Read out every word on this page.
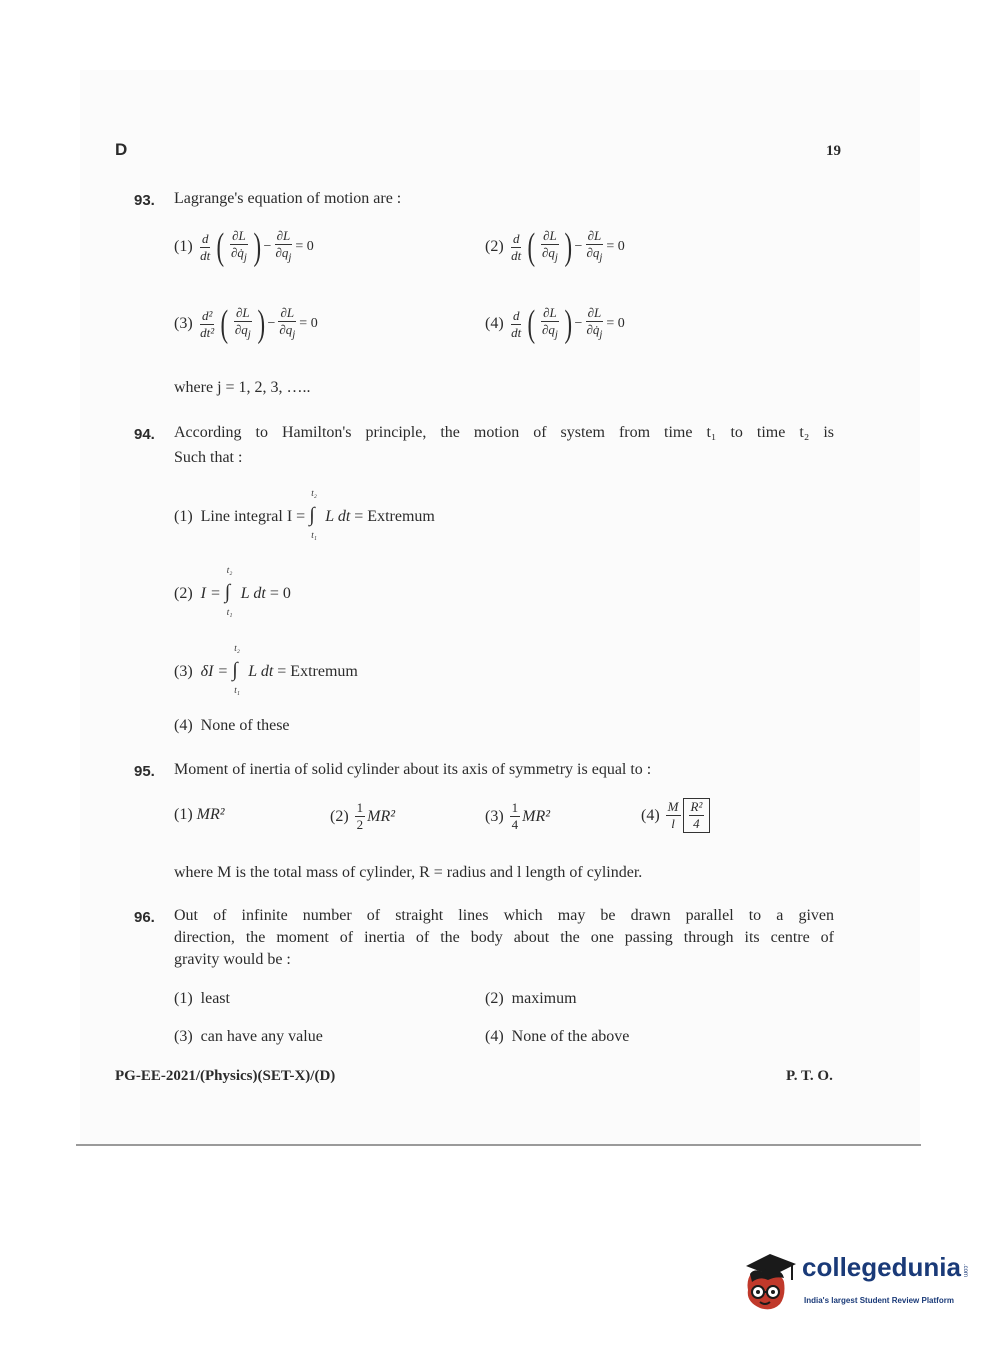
D	19
93. Lagrange's equation of motion are :
(1)
$\frac{d}{dt}$ ( $\frac{\partial L}{\partial q̇_j}$ ) − $\frac{\partial L}{\partial q_j} = 0$	(2)
$\frac{d}{dt}$ ( $\frac{\partial L}{\partial q_j}$ ) − $\frac{\partial L}{\partial q_j} = 0$
(3)
$\frac{\text{d²}}{\text{dt²}}$ ( $\frac{\partial L}{\partial q_j}$ ) − $\frac{\partial L}{\partial q_j} = 0$	(4)
$\frac{d}{dt}$ ( $\frac{\partial L}{\partial q_j}$ ) − $\frac{\partial L}{\partial q̇_j} = 0$
where j = 1, 2, 3, …..
94. According to Hamilton's principle, the motion of system from time t₁ to time t₂ is
Such that :
(1) Line integral I =
t₂
∫
t₁
L dt = Extremum
(2) I =
t₂
∫
t₁
L dt = 0
(3) δI =
t₂
∫
t₁
L dt = Extremum
(4) None of these
95. Moment of inertia of solid cylinder about its axis of symmetry is equal to :
(1)
MR²	(2)
$\frac{1}{2} MR^2$	(3)
$\frac{1}{4} MR^2$	(4)
$\frac{M}{l} \frac{\text{R²}}{4}$
where M is the total mass of cylinder, R = radius and l length of cylinder.
96. Out of infinite number of straight lines which may be drawn parallel to a given
direction, the moment of inertia of the body about the one passing through its centre of
gravity would be :
(1) least	(2) maximum
(3) can have any value	(4) None of the above
PG-EE-2021/(Physics)(SET-X)/(D)	P. T. O.
collegedunia .com
India's largest Student Review Platform
